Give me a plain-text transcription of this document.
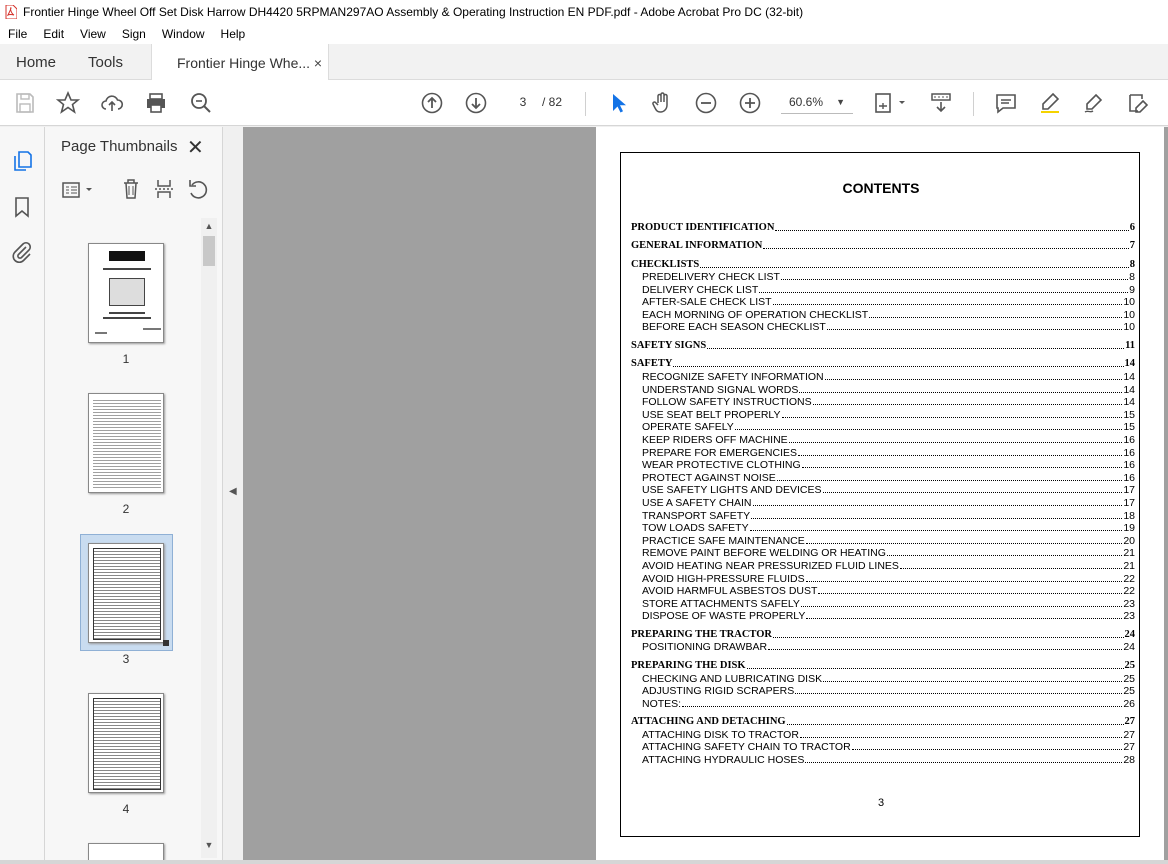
Frontier Hinge Wheel Off Set Disk Harrow DH4420 5RPMAN297AO Assembly & Operating Instruction EN PDF.pdf - Adobe Acrobat Pro DC (32-bit)
File	Edit	View	Sign	Window	Help
Home Tools	Frontier Hinge Whe... ×
3	/ 82	60.6% ▼
Page Thumbnails ✕
▲
▼
1
2
3
4
◀
CONTENTS
PRODUCT IDENTIFICATION	6
GENERAL INFORMATION	7
CHECKLISTS	8
PREDELIVERY CHECK LIST	8
DELIVERY CHECK LIST	9
AFTER-SALE CHECK LIST	10
EACH MORNING OF OPERATION CHECKLIST	10
BEFORE EACH SEASON CHECKLIST	10
SAFETY SIGNS	11
SAFETY	14
RECOGNIZE SAFETY INFORMATION	14
UNDERSTAND SIGNAL WORDS	14
FOLLOW SAFETY INSTRUCTIONS	14
USE SEAT BELT PROPERLY	15
OPERATE SAFELY	15
KEEP RIDERS OFF MACHINE	16
PREPARE FOR EMERGENCIES	16
WEAR PROTECTIVE CLOTHING	16
PROTECT AGAINST NOISE	16
USE SAFETY LIGHTS AND DEVICES	17
USE A SAFETY CHAIN	17
TRANSPORT SAFETY	18
TOW LOADS SAFETY	19
PRACTICE SAFE MAINTENANCE	20
REMOVE PAINT BEFORE WELDING OR HEATING	21
AVOID HEATING NEAR PRESSURIZED FLUID LINES	21
AVOID HIGH-PRESSURE FLUIDS	22
AVOID HARMFUL ASBESTOS DUST	22
STORE ATTACHMENTS SAFELY	23
DISPOSE OF WASTE PROPERLY	23
PREPARING THE TRACTOR	24
POSITIONING DRAWBAR	24
PREPARING THE DISK	25
CHECKING AND LUBRICATING DISK	25
ADJUSTING RIGID SCRAPERS	25
NOTES:	26
ATTACHING AND DETACHING	27
ATTACHING DISK TO TRACTOR	27
ATTACHING SAFETY CHAIN TO TRACTOR	27
ATTACHING HYDRAULIC HOSES	28
3
